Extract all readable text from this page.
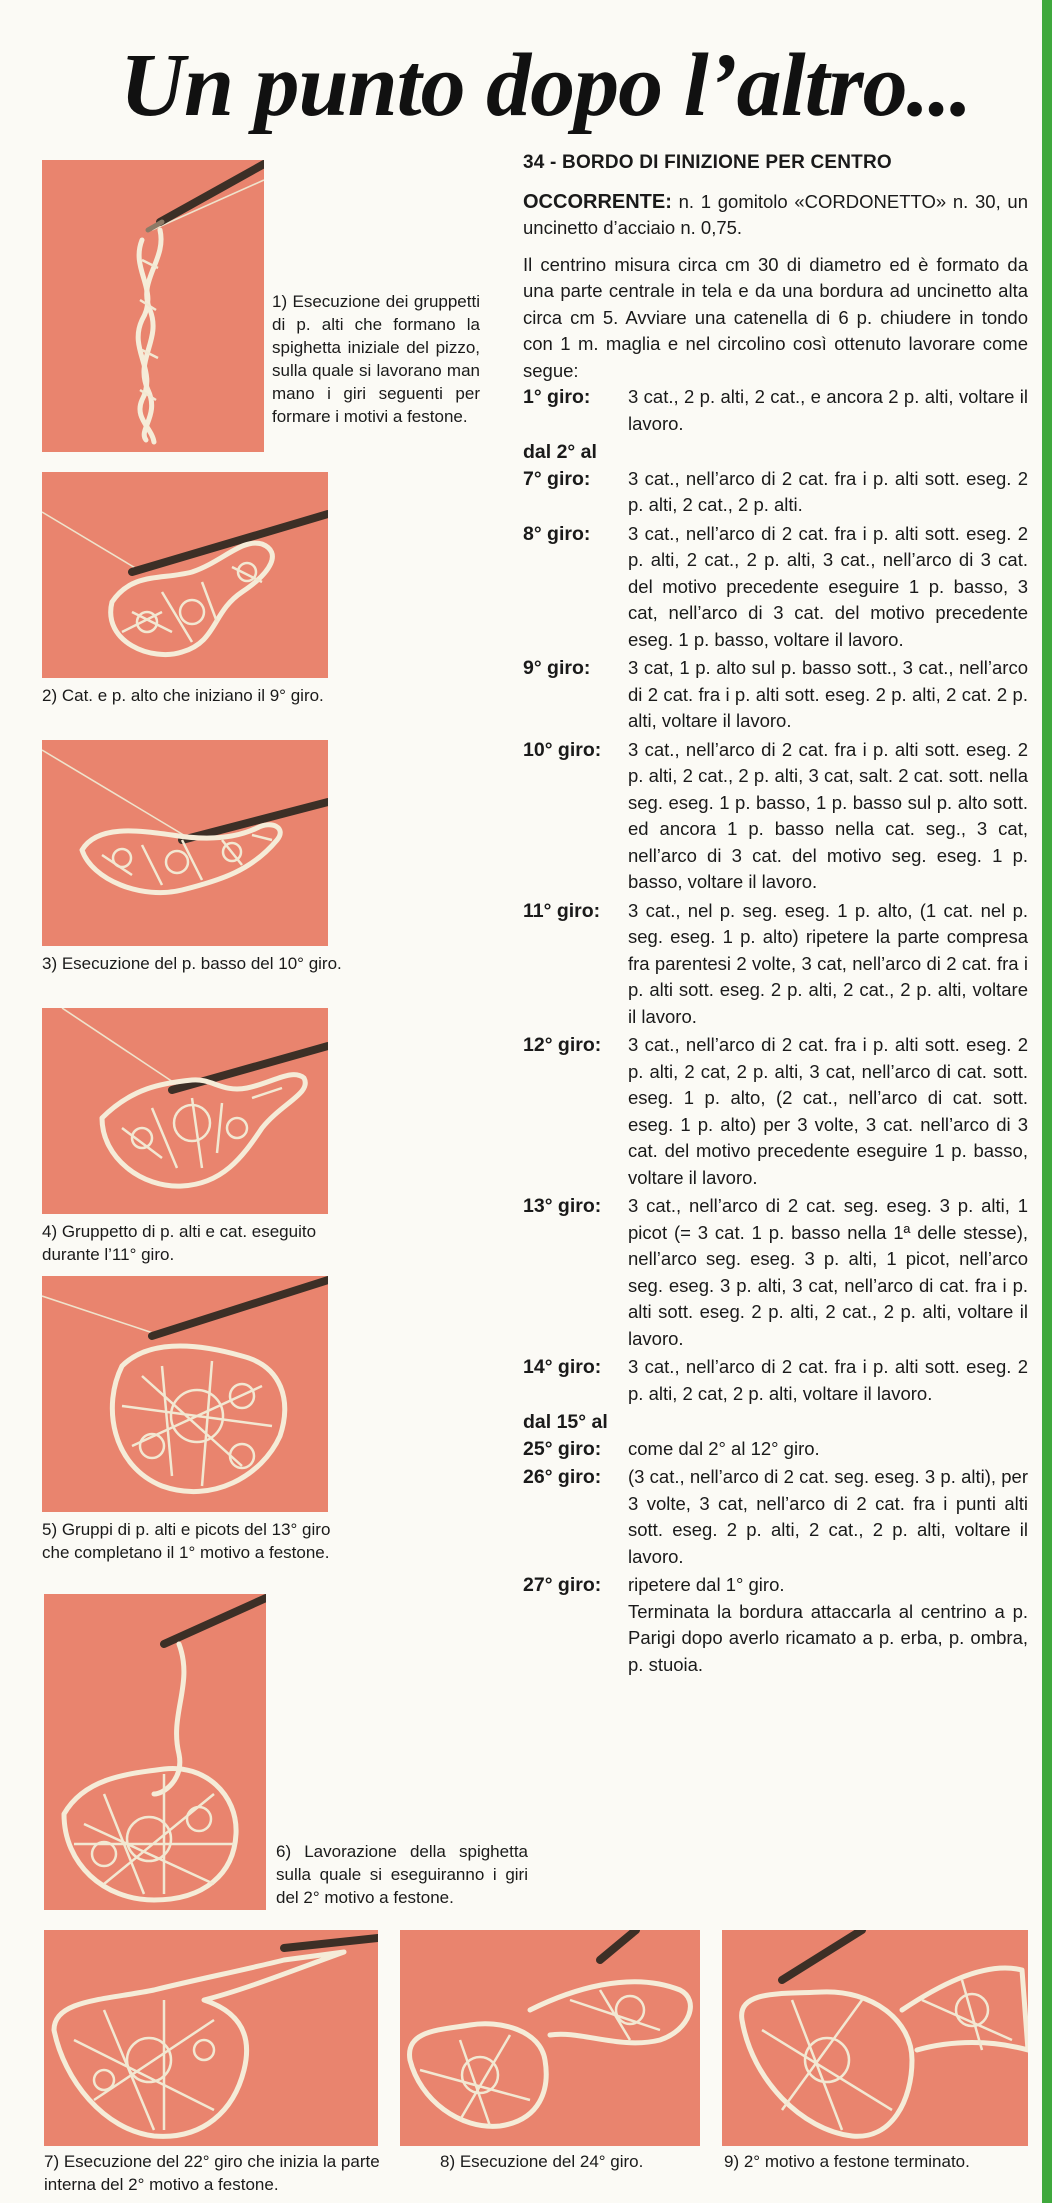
Un punto dopo l’altro...
1) Esecuzione dei gruppetti di p. alti che formano la spighetta iniziale del pizzo, sulla quale si lavorano man mano i giri seguenti per formare i motivi a festone.
2) Cat. e p. alto che iniziano il 9° giro.
3) Esecuzione del p. basso del 10° giro.
4) Gruppetto di p. alti e cat. eseguito durante l’11° giro.
5) Gruppi di p. alti e picots del 13° giro che completano il 1° motivo a festone.
6) Lavorazione della spighetta sulla quale si eseguiranno i giri del 2° motivo a festone.
7) Esecuzione del 22° giro che inizia la parte interna del 2° motivo a festone.
8) Esecuzione del 24° giro.	9) 2° motivo a festone terminato.
34 - BORDO DI FINIZIONE PER CENTRO
OCCORRENTE: n. 1 gomitolo «CORDONETTO» n. 30, un uncinetto d’acciaio n. 0,75.
Il centrino misura circa cm 30 di diametro ed è formato da una parte centrale in tela e da una bordura ad uncinetto alta circa cm 5. Avviare una catenella di 6 p. chiudere in tondo con 1 m. maglia e nel circolino così ottenuto lavorare come segue:
1° giro:	3 cat., 2 p. alti, 2 cat., e ancora 2 p. alti, voltare il lavoro.
dal 2° al
7° giro:	3 cat., nell’arco di 2 cat. fra i p. alti sott. eseg. 2 p. alti, 2 cat., 2 p. alti.
8° giro:	3 cat., nell’arco di 2 cat. fra i p. alti sott. eseg. 2 p. alti, 2 cat., 2 p. alti, 3 cat., nell’arco di 3 cat. del motivo precedente eseguire 1 p. basso, 3 cat, nell’arco di 3 cat. del motivo precedente eseg. 1 p. basso, voltare il lavoro.
9° giro:	3 cat, 1 p. alto sul p. basso sott., 3 cat., nell’arco di 2 cat. fra i p. alti sott. eseg. 2 p. alti, 2 cat. 2 p. alti, voltare il lavoro.
10° giro:	3 cat., nell’arco di 2 cat. fra i p. alti sott. eseg. 2 p. alti, 2 cat., 2 p. alti, 3 cat, salt. 2 cat. sott. nella seg. eseg. 1 p. basso, 1 p. basso sul p. alto sott. ed ancora 1 p. basso nella cat. seg., 3 cat, nell’arco di 3 cat. del motivo seg. eseg. 1 p. basso, voltare il lavoro.
11° giro:	3 cat., nel p. seg. eseg. 1 p. alto, (1 cat. nel p. seg. eseg. 1 p. alto) ripetere la parte compresa fra parentesi 2 volte, 3 cat, nell’arco di 2 cat. fra i p. alti sott. eseg. 2 p. alti, 2 cat., 2 p. alti, voltare il lavoro.
12° giro:	3 cat., nell’arco di 2 cat. fra i p. alti sott. eseg. 2 p. alti, 2 cat, 2 p. alti, 3 cat, nell’arco di cat. sott. eseg. 1 p. alto, (2 cat., nell’arco di cat. sott. eseg. 1 p. alto) per 3 volte, 3 cat. nell’arco di 3 cat. del motivo precedente eseguire 1 p. basso, voltare il lavoro.
13° giro:	3 cat., nell’arco di 2 cat. seg. eseg. 3 p. alti, 1 picot (= 3 cat. 1 p. basso nella 1ª delle stesse), nell’arco seg. eseg. 3 p. alti, 1 picot, nell’arco seg. eseg. 3 p. alti, 3 cat, nell’arco di cat. fra i p. alti sott. eseg. 2 p. alti, 2 cat., 2 p. alti, voltare il lavoro.
14° giro:	3 cat., nell’arco di 2 cat. fra i p. alti sott. eseg. 2 p. alti, 2 cat, 2 p. alti, voltare il lavoro.
dal 15° al
25° giro:	come dal 2° al 12° giro.
26° giro:	(3 cat., nell’arco di 2 cat. seg. eseg. 3 p. alti), per 3 volte, 3 cat, nell’arco di 2 cat. fra i punti alti sott. eseg. 2 p. alti, 2 cat., 2 p. alti, voltare il lavoro.
27° giro:	ripetere dal 1° giro.
Terminata la bordura attaccarla al centrino a p. Parigi dopo averlo ricamato a p. erba, p. ombra, p. stuoia.
